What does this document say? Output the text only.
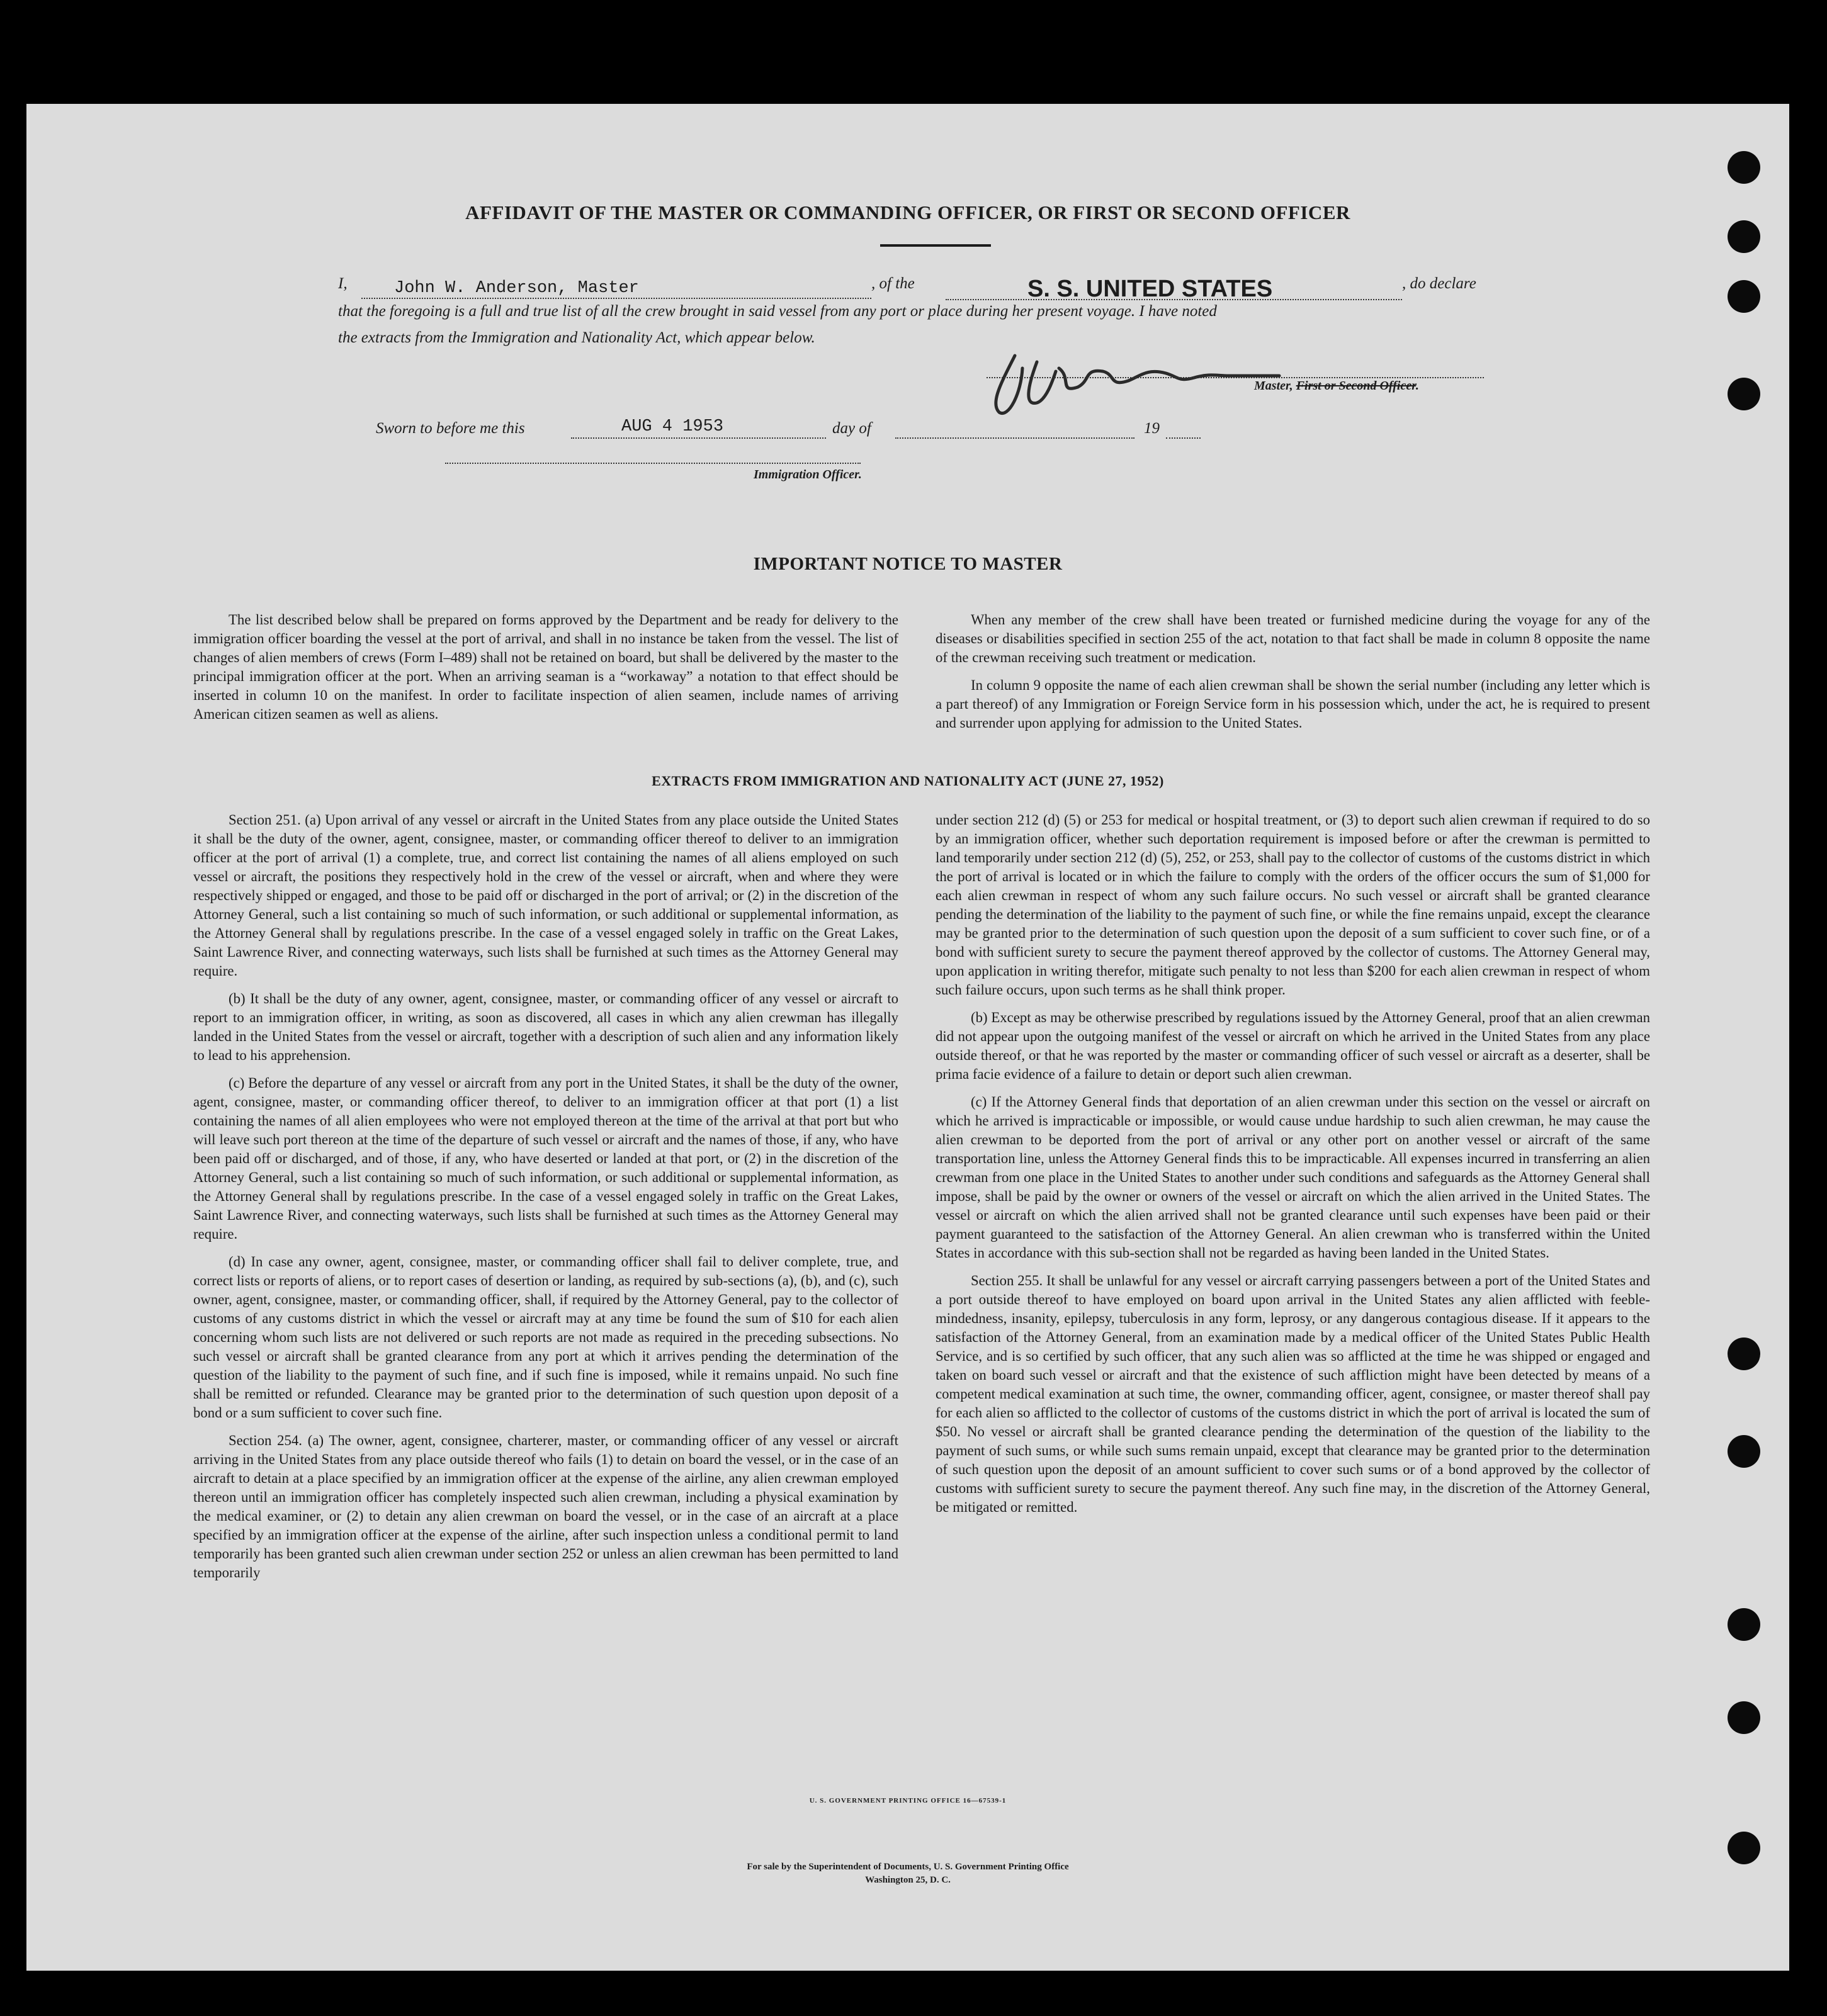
AFFIDAVIT OF THE MASTER OR COMMANDING OFFICER, OR FIRST OR SECOND OFFICER
I,	John W. Anderson, Master	, of the	S. S. UNITED STATES	, do declare
that the foregoing is a full and true list of all the crew brought in said vessel from any port or place during her present voyage. I have noted
the extracts from the Immigration and Nationality Act, which appear below.
Master, First or Second Officer.
Sworn to before me this	AUG 4 1953	day of	19
Immigration Officer.
IMPORTANT NOTICE TO MASTER

The list described below shall be prepared on forms approved by the Department and be ready for delivery to the immigration officer boarding the vessel at the port of arrival, and shall in no instance be taken from the vessel. The list of changes of alien members of crews (Form I–489) shall not be retained on board, but shall be delivered by the master to the principal immigration officer at the port. When an arriving seaman is a “workaway” a notation to that effect should be inserted in column 10 on the manifest. In order to facilitate inspection of alien seamen, include names of arriving American citizen seamen as well as aliens.

When any member of the crew shall have been treated or furnished medicine during the voyage for any of the diseases or disabilities specified in section 255 of the act, notation to that fact shall be made in column 8 opposite the name of the crewman receiving such treatment or medication.

In column 9 opposite the name of each alien crewman shall be shown the serial number (including any letter which is a part thereof) of any Immigration or Foreign Service form in his possession which, under the act, he is required to present and surrender upon applying for admission to the United States.

EXTRACTS FROM IMMIGRATION AND NATIONALITY ACT (JUNE 27, 1952)

Section 251. (a) Upon arrival of any vessel or aircraft in the United States from any place outside the United States it shall be the duty of the owner, agent, consignee, master, or commanding officer thereof to deliver to an immigration officer at the port of arrival (1) a complete, true, and correct list containing the names of all aliens employed on such vessel or aircraft, the positions they respectively hold in the crew of the vessel or aircraft, when and where they were respectively shipped or engaged, and those to be paid off or discharged in the port of arrival; or (2) in the discretion of the Attorney General, such a list containing so much of such information, or such additional or supplemental information, as the Attorney General shall by regulations prescribe. In the case of a vessel engaged solely in traffic on the Great Lakes, Saint Lawrence River, and connecting waterways, such lists shall be furnished at such times as the Attorney General may require.

(b) It shall be the duty of any owner, agent, consignee, master, or commanding officer of any vessel or aircraft to report to an immigration officer, in writing, as soon as discovered, all cases in which any alien crewman has illegally landed in the United States from the vessel or aircraft, together with a description of such alien and any information likely to lead to his apprehension.

(c) Before the departure of any vessel or aircraft from any port in the United States, it shall be the duty of the owner, agent, consignee, master, or commanding officer thereof, to deliver to an immigration officer at that port (1) a list containing the names of all alien employees who were not employed thereon at the time of the arrival at that port but who will leave such port thereon at the time of the departure of such vessel or aircraft and the names of those, if any, who have been paid off or discharged, and of those, if any, who have deserted or landed at that port, or (2) in the discretion of the Attorney General, such a list containing so much of such information, or such additional or supplemental information, as the Attorney General shall by regulations prescribe. In the case of a vessel engaged solely in traffic on the Great Lakes, Saint Lawrence River, and connecting waterways, such lists shall be furnished at such times as the Attorney General may require.

(d) In case any owner, agent, consignee, master, or commanding officer shall fail to deliver complete, true, and correct lists or reports of aliens, or to report cases of desertion or landing, as required by sub-sections (a), (b), and (c), such owner, agent, consignee, master, or commanding officer, shall, if required by the Attorney General, pay to the collector of customs of any customs district in which the vessel or aircraft may at any time be found the sum of $10 for each alien concerning whom such lists are not delivered or such reports are not made as required in the preceding subsections. No such vessel or aircraft shall be granted clearance from any port at which it arrives pending the determination of the question of the liability to the payment of such fine, and if such fine is imposed, while it remains unpaid. No such fine shall be remitted or refunded. Clearance may be granted prior to the determination of such question upon deposit of a bond or a sum sufficient to cover such fine.

Section 254. (a) The owner, agent, consignee, charterer, master, or commanding officer of any vessel or aircraft arriving in the United States from any place outside thereof who fails (1) to detain on board the vessel, or in the case of an aircraft to detain at a place specified by an immigration officer at the expense of the airline, any alien crewman employed thereon until an immigration officer has completely inspected such alien crewman, including a physical examination by the medical examiner, or (2) to detain any alien crewman on board the vessel, or in the case of an aircraft at a place specified by an immigration officer at the expense of the airline, after such inspection unless a conditional permit to land temporarily has been granted such alien crewman under section 252 or unless an alien crewman has been permitted to land temporarily

under section 212 (d) (5) or 253 for medical or hospital treatment, or (3) to deport such alien crewman if required to do so by an immigration officer, whether such deportation requirement is imposed before or after the crewman is permitted to land temporarily under section 212 (d) (5), 252, or 253, shall pay to the collector of customs of the customs district in which the port of arrival is located or in which the failure to comply with the orders of the officer occurs the sum of $1,000 for each alien crewman in respect of whom any such failure occurs. No such vessel or aircraft shall be granted clearance pending the determination of the liability to the payment of such fine, or while the fine remains unpaid, except the clearance may be granted prior to the determination of such question upon the deposit of a sum sufficient to cover such fine, or of a bond with sufficient surety to secure the payment thereof approved by the collector of customs. The Attorney General may, upon application in writing therefor, mitigate such penalty to not less than $200 for each alien crewman in respect of whom such failure occurs, upon such terms as he shall think proper.

(b) Except as may be otherwise prescribed by regulations issued by the Attorney General, proof that an alien crewman did not appear upon the outgoing manifest of the vessel or aircraft on which he arrived in the United States from any place outside thereof, or that he was reported by the master or commanding officer of such vessel or aircraft as a deserter, shall be prima facie evidence of a failure to detain or deport such alien crewman.

(c) If the Attorney General finds that deportation of an alien crewman under this section on the vessel or aircraft on which he arrived is impracticable or impossible, or would cause undue hardship to such alien crewman, he may cause the alien crewman to be deported from the port of arrival or any other port on another vessel or aircraft of the same transportation line, unless the Attorney General finds this to be impracticable. All expenses incurred in transferring an alien crewman from one place in the United States to another under such conditions and safeguards as the Attorney General shall impose, shall be paid by the owner or owners of the vessel or aircraft on which the alien arrived in the United States. The vessel or aircraft on which the alien arrived shall not be granted clearance until such expenses have been paid or their payment guaranteed to the satisfaction of the Attorney General. An alien crewman who is transferred within the United States in accordance with this sub-section shall not be regarded as having been landed in the United States.

Section 255. It shall be unlawful for any vessel or aircraft carrying passengers between a port of the United States and a port outside thereof to have employed on board upon arrival in the United States any alien afflicted with feeble-mindedness, insanity, epilepsy, tuberculosis in any form, leprosy, or any dangerous contagious disease. If it appears to the satisfaction of the Attorney General, from an examination made by a medical officer of the United States Public Health Service, and is so certified by such officer, that any such alien was so afflicted at the time he was shipped or engaged and taken on board such vessel or aircraft and that the existence of such affliction might have been detected by means of a competent medical examination at such time, the owner, commanding officer, agent, consignee, or master thereof shall pay for each alien so afflicted to the collector of customs of the customs district in which the port of arrival is located the sum of $50. No vessel or aircraft shall be granted clearance pending the determination of the question of the liability to the payment of such sums, or while such sums remain unpaid, except that clearance may be granted prior to the determination of such question upon the deposit of an amount sufficient to cover such sums or of a bond approved by the collector of customs with sufficient surety to secure the payment thereof. Any such fine may, in the discretion of the Attorney General, be mitigated or remitted.

U. S. GOVERNMENT PRINTING OFFICE 16—67539-1
For sale by the Superintendent of Documents, U. S. Government Printing Office
Washington 25, D. C.
